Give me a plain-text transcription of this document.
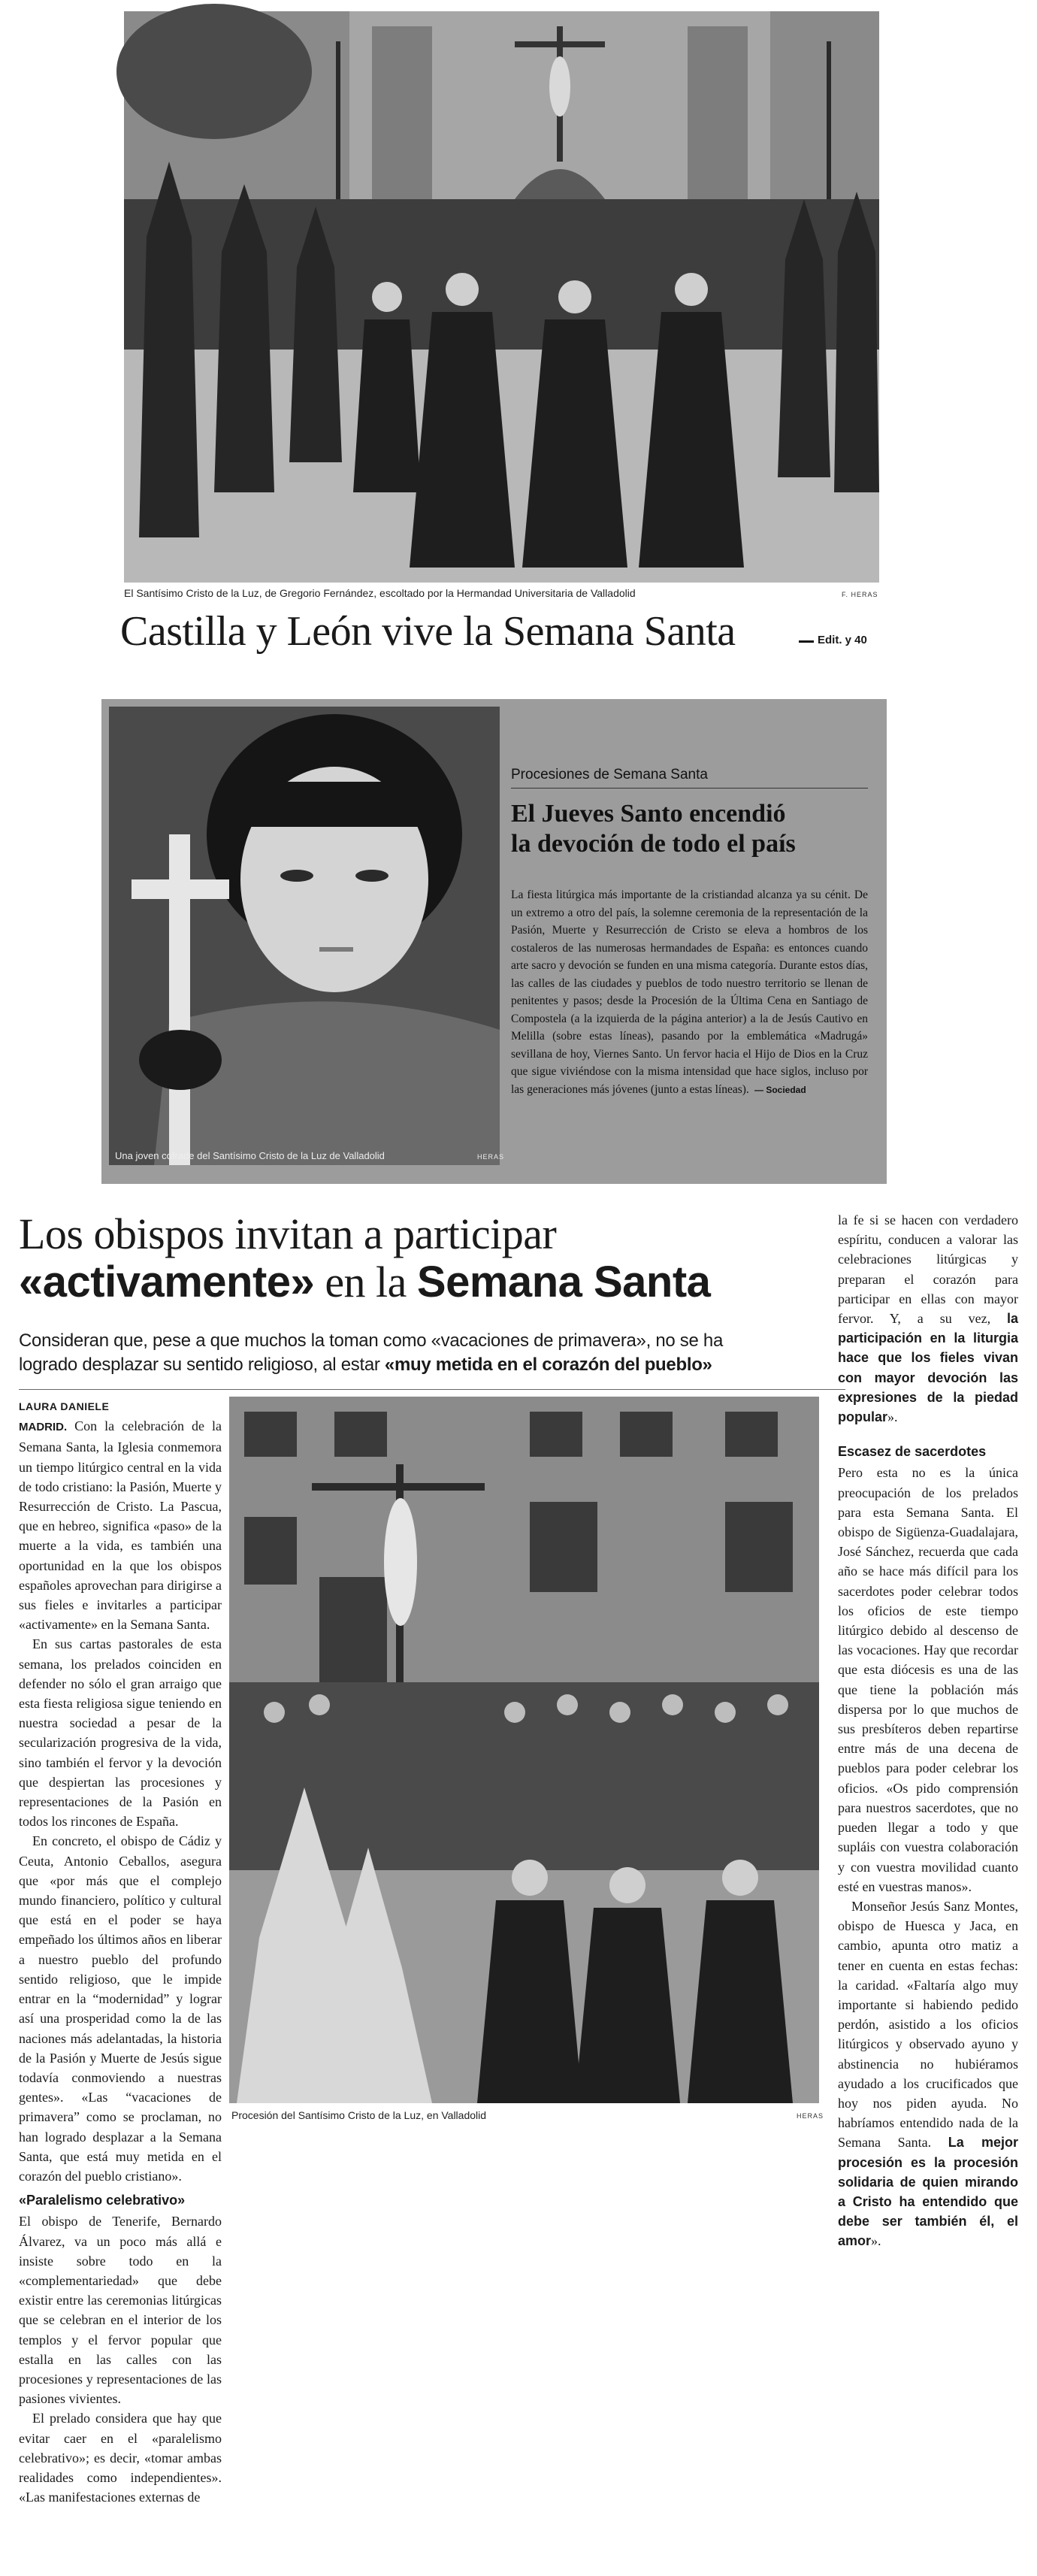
El Santísimo Cristo de la Luz, de Gregorio Fernández, escoltado por la Hermandad Universitaria de Valladolid	F. HERAS
Castilla y León vive la Semana Santa	Edit. y 40
Una joven cofrade del Santísimo Cristo de la Luz de Valladolid	HERAS
Procesiones de Semana Santa
El Jueves Santo encendió
la devoción de todo el país
La fiesta litúrgica más importante de la cristiandad alcanza ya su cénit. De un extremo a otro del país, la solemne ceremonia de la representación de la Pasión, Muerte y Resurrección de Cristo se eleva a hombros de los costaleros de las numerosas hermandades de España: es entonces cuando arte sacro y devoción se funden en una misma categoría. Durante estos días, las calles de las ciudades y pueblos de todo nuestro territorio se llenan de penitentes y pasos; desde la Procesión de la Última Cena en Santiago de Compostela (a la izquierda de la página anterior) a la de Jesús Cautivo en Melilla (sobre estas líneas), pasando por la emblemática «Madrugá» sevillana de hoy, Viernes Santo. Un fervor hacia el Hijo de Dios en la Cruz que sigue viviéndose con la misma intensidad que hace siglos, incluso por las generaciones más jóvenes (junto a estas líneas).  — Sociedad
Los obispos invitan a participar
«activamente» en la Semana Santa
Consideran que, pese a que muchos la toman como «vacaciones de primavera», no se ha
logrado desplazar su sentido religioso, al estar «muy metida en el corazón del pueblo»
LAURA DANIELE

MADRID. Con la celebración de la Semana Santa, la Iglesia conmemora un tiempo litúrgico central en la vida de todo cristiano: la Pasión, Muerte y Resurrección de Cristo. La Pascua, que en hebreo, significa «paso» de la muerte a la vida, es también una oportunidad en la que los obispos españoles aprovechan para dirigirse a sus fieles e invitarles a participar «activamente» en la Semana Santa.

En sus cartas pastorales de esta semana, los prelados coinciden en defender no sólo el gran arraigo que esta fiesta religiosa sigue teniendo en nuestra sociedad a pesar de la secularización progresiva de la vida, sino también el fervor y la devoción que despiertan las procesiones y representaciones de la Pasión en todos los rincones de España.

En concreto, el obispo de Cádiz y Ceuta, Antonio Ceballos, asegura que «por más que el complejo mundo financiero, político y cultural que está en el poder se haya empeñado los últimos años en liberar a nuestro pueblo del profundo sentido religioso, que le impide entrar en la “modernidad” y lograr así una prosperidad como la de las naciones más adelantadas, la historia de la Pasión y Muerte de Jesús sigue todavía conmoviendo a nuestras gentes». «Las “vacaciones de primavera” como se proclaman, no han logrado desplazar a la Semana Santa, que está muy metida en el corazón del pueblo cristiano».

«Paralelismo celebrativo»

El obispo de Tenerife, Bernardo Álvarez, va un poco más allá e insiste sobre todo en la «complementariedad» que debe existir entre las ceremonias litúrgicas que se celebran en el interior de los templos y el fervor popular que estalla en las calles con las procesiones y representaciones de las pasiones vivientes.

El prelado considera que hay que evitar caer en el «paralelismo celebrativo»; es decir, «tomar ambas realidades como independientes». «Las manifestaciones externas de

Procesión del Santísimo Cristo de la Luz, en Valladolid	HERAS

la fe si se hacen con verdadero espíritu, conducen a valorar las celebraciones litúrgicas y preparan el corazón para participar en ellas con mayor fervor. Y, a su vez, la participación en la liturgia hace que los fieles vivan con mayor devoción las expresiones de la piedad popular».

Escasez de sacerdotes

Pero esta no es la única preocupación de los prelados para esta Semana Santa. El obispo de Sigüenza-Guadalajara, José Sánchez, recuerda que cada año se hace más difícil para los sacerdotes poder celebrar todos los oficios de este tiempo litúrgico debido al descenso de las vocaciones. Hay que recordar que esta diócesis es una de las que tiene la población más dispersa por lo que muchos de sus presbíteros deben repartirse entre más de una decena de pueblos para poder celebrar los oficios. «Os pido comprensión para nuestros sacerdotes, que no pueden llegar a todo y que supláis con vuestra colaboración y con vuestra movilidad cuanto esté en vuestras manos».

Monseñor Jesús Sanz Montes, obispo de Huesca y Jaca, en cambio, apunta otro matiz a tener en cuenta en estas fechas: la caridad. «Faltaría algo muy importante si habiendo pedido perdón, asistido a los oficios litúrgicos y observado ayuno y abstinencia no hubiéramos ayudado a los crucificados que hoy nos piden ayuda. No habríamos entendido nada de la Semana Santa. La mejor procesión es la procesión solidaria de quien mirando a Cristo ha entendido que debe ser también él, el amor».
